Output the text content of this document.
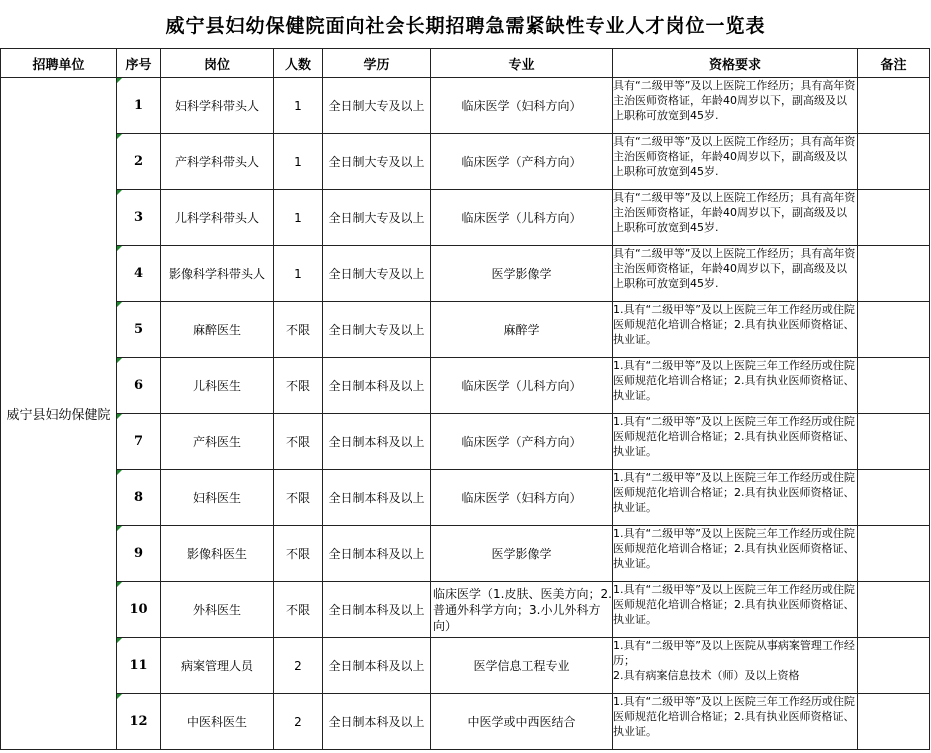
威宁县妇幼保健院面向社会长期招聘急需紧缺性专业人才岗位一览表
招聘单位	序号	岗位	人数	学历	专业	资格要求	备注
威宁县妇幼保健院	1	妇科学科带头人	1	全日制大专及以上	临床医学（妇科方向）	具有“二级甲等”及以上医院工作经历；具有高年资主治医师资格证，年龄40周岁以下，副高级及以上职称可放宽到45岁.	

2	产科学科带头人	1	全日制大专及以上	临床医学（产科方向）	具有“二级甲等”及以上医院工作经历；具有高年资主治医师资格证，年龄40周岁以下，副高级及以上职称可放宽到45岁.	

3	儿科学科带头人	1	全日制大专及以上	临床医学（儿科方向）	具有“二级甲等”及以上医院工作经历；具有高年资主治医师资格证，年龄40周岁以下，副高级及以上职称可放宽到45岁.	

4	影像科学科带头人	1	全日制大专及以上	医学影像学	具有“二级甲等”及以上医院工作经历；具有高年资主治医师资格证，年龄40周岁以下，副高级及以上职称可放宽到45岁.	

5	麻醉医生	不限	全日制大专及以上	麻醉学	1.具有“二级甲等”及以上医院三年工作经历或住院医师规范化培训合格证；2.具有执业医师资格证、执业证。	

6	儿科医生	不限	全日制本科及以上	临床医学（儿科方向）	1.具有“二级甲等”及以上医院三年工作经历或住院医师规范化培训合格证；2.具有执业医师资格证、执业证。	

7	产科医生	不限	全日制本科及以上	临床医学（产科方向）	1.具有“二级甲等”及以上医院三年工作经历或住院医师规范化培训合格证；2.具有执业医师资格证、执业证。	

8	妇科医生	不限	全日制本科及以上	临床医学（妇科方向）	1.具有“二级甲等”及以上医院三年工作经历或住院医师规范化培训合格证；2.具有执业医师资格证、执业证。	

9	影像科医生	不限	全日制本科及以上	医学影像学	1.具有“二级甲等”及以上医院三年工作经历或住院医师规范化培训合格证；2.具有执业医师资格证、执业证。	

10	外科医生	不限	全日制本科及以上	临床医学（1.皮肤、医美方向；2.普通外科学方向；3.小儿外科方向）	1.具有“二级甲等”及以上医院三年工作经历或住院医师规范化培训合格证；2.具有执业医师资格证、执业证。	

11	病案管理人员	2	全日制本科及以上	医学信息工程专业	1.具有“二级甲等”及以上医院从事病案管理工作经历；
2.具有病案信息技术（师）及以上资格	

12	中医科医生	2	全日制本科及以上	中医学或中西医结合	1.具有“二级甲等”及以上医院三年工作经历或住院医师规范化培训合格证；2.具有执业医师资格证、执业证。	
